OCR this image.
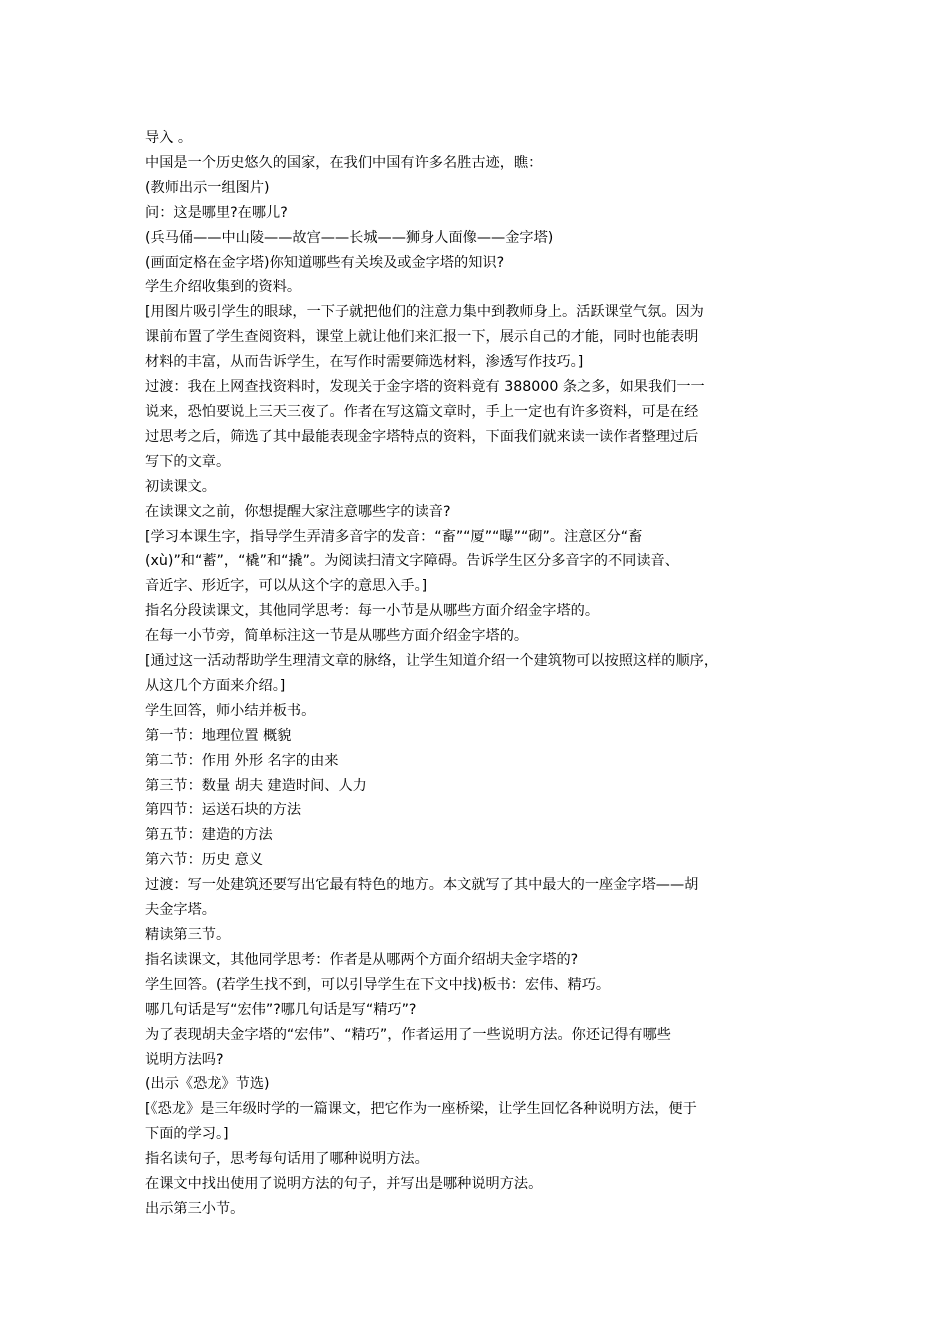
导入 。

中国是一个历史悠久的国家，在我们中国有许多名胜古迹，瞧：

(教师出示一组图片)

问：这是哪里?在哪儿?

(兵马俑——中山陵——故宫——长城——狮身人面像——金字塔)

(画面定格在金字塔)你知道哪些有关埃及或金字塔的知识?

学生介绍收集到的资料。

[用图片吸引学生的眼球，一下子就把他们的注意力集中到教师身上。活跃课堂气氛。因为

课前布置了学生查阅资料，课堂上就让他们来汇报一下，展示自己的才能，同时也能表明

材料的丰富，从而告诉学生，在写作时需要筛选材料，渗透写作技巧。]

过渡：我在上网查找资料时，发现关于金字塔的资料竟有 388000 条之多，如果我们一一

说来，恐怕要说上三天三夜了。作者在写这篇文章时，手上一定也有许多资料，可是在经

过思考之后，筛选了其中最能表现金字塔特点的资料，下面我们就来读一读作者整理过后

写下的文章。

初读课文。

在读课文之前，你想提醒大家注意哪些字的读音?

[学习本课生字，指导学生弄清多音字的发音：“畜”“厦”“曝”“砌”。注意区分“畜

(xù)”和“蓄”，“橇”和“撬”。为阅读扫清文字障碍。告诉学生区分多音字的不同读音、

音近字、形近字，可以从这个字的意思入手。]

指名分段读课文，其他同学思考：每一小节是从哪些方面介绍金字塔的。

在每一小节旁，简单标注这一节是从哪些方面介绍金字塔的。

[通过这一活动帮助学生理清文章的脉络，让学生知道介绍一个建筑物可以按照这样的顺序，

从这几个方面来介绍。]

学生回答，师小结并板书。

第一节：地理位置 概貌

第二节：作用 外形 名字的由来

第三节：数量 胡夫 建造时间、人力

第四节：运送石块的方法

第五节：建造的方法

第六节：历史 意义

过渡：写一处建筑还要写出它最有特色的地方。本文就写了其中最大的一座金字塔——胡

夫金字塔。

精读第三节。

指名读课文，其他同学思考：作者是从哪两个方面介绍胡夫金字塔的?

学生回答。(若学生找不到，可以引导学生在下文中找)板书：宏伟、精巧。

哪几句话是写“宏伟”?哪几句话是写“精巧”?

为了表现胡夫金字塔的“宏伟”、“精巧”，作者运用了一些说明方法。你还记得有哪些

说明方法吗?

(出示《恐龙》节选)

[《恐龙》是三年级时学的一篇课文，把它作为一座桥梁，让学生回忆各种说明方法，便于

下面的学习。]

指名读句子，思考每句话用了哪种说明方法。

在课文中找出使用了说明方法的句子，并写出是哪种说明方法。

出示第三小节。
